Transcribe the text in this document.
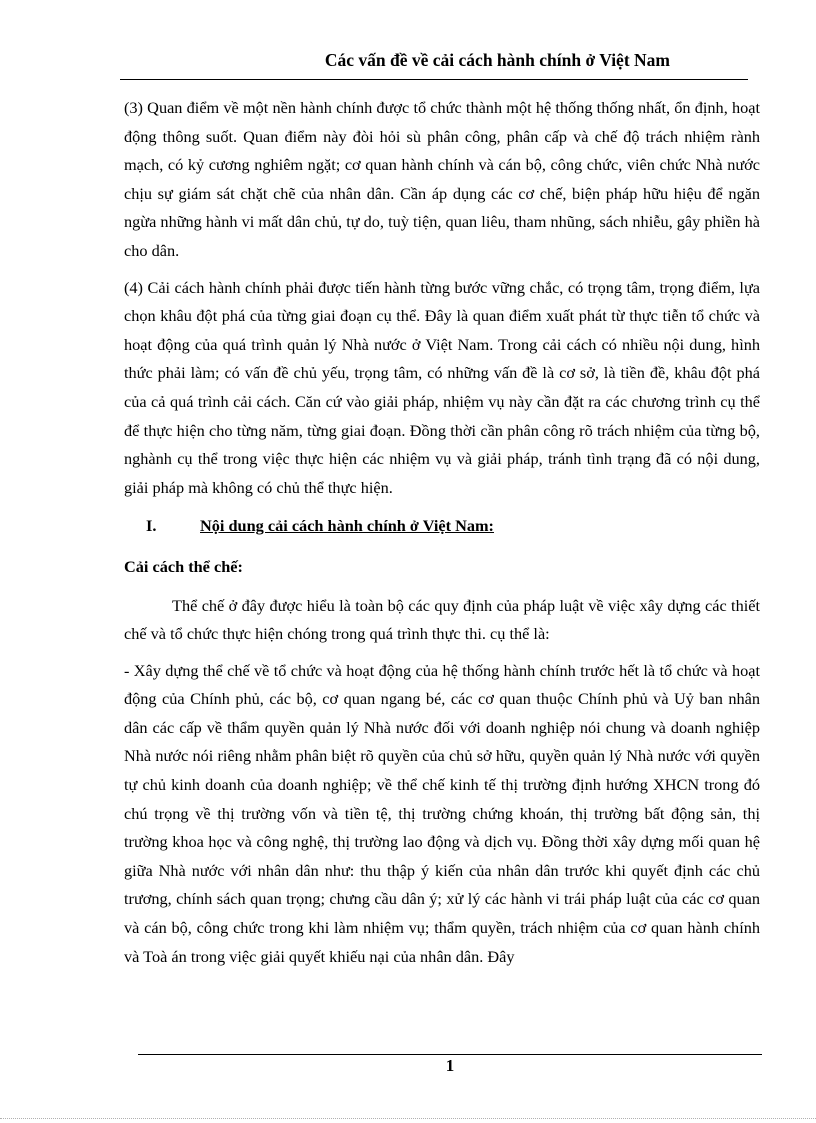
Các vấn đề về cải cách hành chính ở Việt Nam

(3) Quan điểm về một nền hành chính được tổ chức thành một hệ thống thống nhất, ổn định, hoạt động thông suốt. Quan điểm này đòi hỏi sù phân công, phân cấp và chế độ trách nhiệm rành mạch, có kỷ cương nghiêm ngặt; cơ quan hành chính và cán bộ, công chức, viên chức Nhà nước chịu sự giám sát chặt chẽ của nhân dân. Cần áp dụng các cơ chế, biện pháp hữu hiệu để ngăn ngừa những hành vi mất dân chủ, tự do, tuỳ tiện, quan liêu, tham nhũng, sách nhiễu, gây phiền hà cho dân.

(4) Cải cách hành chính phải được tiến hành từng bước vững chắc, có trọng tâm, trọng điểm, lựa chọn khâu đột phá của từng giai đoạn cụ thể. Đây là quan điểm xuất phát từ thực tiễn tổ chức và hoạt động của quá trình quản lý Nhà nước ở Việt Nam. Trong cải cách có nhiều nội dung, hình thức phải làm; có vấn đề chủ yếu, trọng tâm, có những vấn đề là cơ sở, là tiền đề, khâu đột phá của cả quá trình cải cách. Căn cứ vào giải pháp, nhiệm vụ này cần đặt ra các chương trình cụ thể để thực hiện cho từng năm, từng giai đoạn. Đồng thời cần phân công rõ trách nhiệm của từng bộ, nghành cụ thể trong việc thực hiện các nhiệm vụ và giải pháp, tránh tình trạng đã có nội dung, giải pháp mà không có chủ thể thực hiện.

I.	Nội dung cải cách hành chính ở Việt Nam:

Cải cách thể chế:

Thể chế ở đây được hiểu là toàn bộ các quy định của pháp luật về việc xây dựng các thiết chế và tổ chức thực hiện chóng trong quá trình thực thi. cụ thể là:

- Xây dựng thể chế về tổ chức và hoạt động của hệ thống hành chính trước hết là tổ chức và hoạt động của Chính phủ, các bộ, cơ quan ngang bé, các cơ quan thuộc Chính phủ và Uỷ ban nhân dân các cấp về thẩm quyền quản lý Nhà nước đối với doanh nghiệp nói chung và doanh nghiệp Nhà nước nói riêng nhằm phân biệt rõ quyền của chủ sở hữu, quyền quản lý Nhà nước với quyền tự chủ kinh doanh của doanh nghiệp; về thể chế kinh tế thị trường định hướng XHCN trong đó chú trọng về thị trường vốn và tiền tệ, thị trường chứng khoán, thị trường bất động sản, thị trường khoa học và công nghệ, thị trường lao động và dịch vụ. Đồng thời xây dựng mối quan hệ giữa Nhà nước với nhân dân như: thu thập ý kiến của nhân dân trước khi quyết định các chủ trương, chính sách quan trọng; chưng cầu dân ý; xử lý các hành vi trái pháp luật của các cơ quan và cán bộ, công chức trong khi làm nhiệm vụ; thẩm quyền, trách nhiệm của cơ quan hành chính và Toà án trong việc giải quyết khiếu nại của nhân dân. Đây

1
